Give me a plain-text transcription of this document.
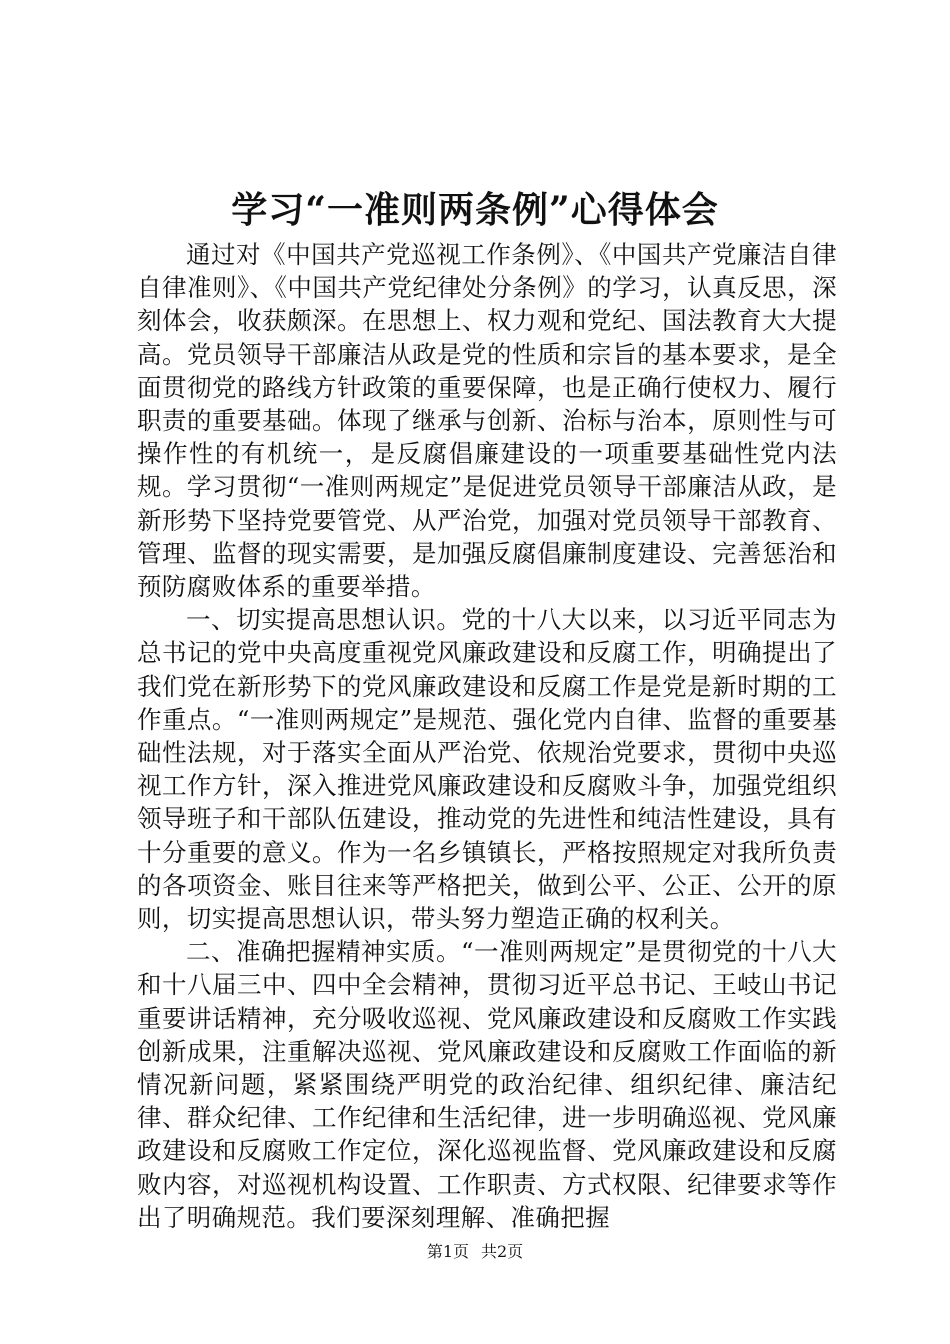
学习“一准则两条例”心得体会

通过对《中国共产党巡视工作条例》、《中国共产党廉洁自律自律准则》、《中国共产党纪律处分条例》的学习，认真反思，深刻体会，收获颇深。在思想上、权力观和党纪、国法教育大大提高。党员领导干部廉洁从政是党的性质和宗旨的基本要求，是全面贯彻党的路线方针政策的重要保障，也是正确行使权力、履行职责的重要基础。体现了继承与创新、治标与治本，原则性与可操作性的有机统一，是反腐倡廉建设的一项重要基础性党内法规。学习贯彻“一准则两规定”是促进党员领导干部廉洁从政，是新形势下坚持党要管党、从严治党，加强对党员领导干部教育、管理、监督的现实需要，是加强反腐倡廉制度建设、完善惩治和预防腐败体系的重要举措。

一、切实提高思想认识。党的十八大以来，以习近平同志为总书记的党中央高度重视党风廉政建设和反腐工作，明确提出了我们党在新形势下的党风廉政建设和反腐工作是党是新时期的工作重点。“一准则两规定”是规范、强化党内自律、监督的重要基础性法规，对于落实全面从严治党、依规治党要求，贯彻中央巡视工作方针，深入推进党风廉政建设和反腐败斗争，加强党组织领导班子和干部队伍建设，推动党的先进性和纯洁性建设，具有十分重要的意义。作为一名乡镇镇长，严格按照规定对我所负责的各项资金、账目往来等严格把关，做到公平、公正、公开的原则，切实提高思想认识，带头努力塑造正确的权利关。

二、准确把握精神实质。“一准则两规定”是贯彻党的十八大和十八届三中、四中全会精神，贯彻习近平总书记、王岐山书记重要讲话精神，充分吸收巡视、党风廉政建设和反腐败工作实践创新成果，注重解决巡视、党风廉政建设和反腐败工作面临的新情况新问题，紧紧围绕严明党的政治纪律、组织纪律、廉洁纪律、群众纪律、工作纪律和生活纪律，进一步明确巡视、党风廉政建设和反腐败工作定位，深化巡视监督、党风廉政建设和反腐败内容，对巡视机构设置、工作职责、方式权限、纪律要求等作出了明确规范。我们要深刻理解、准确把握

第1页 共2页
